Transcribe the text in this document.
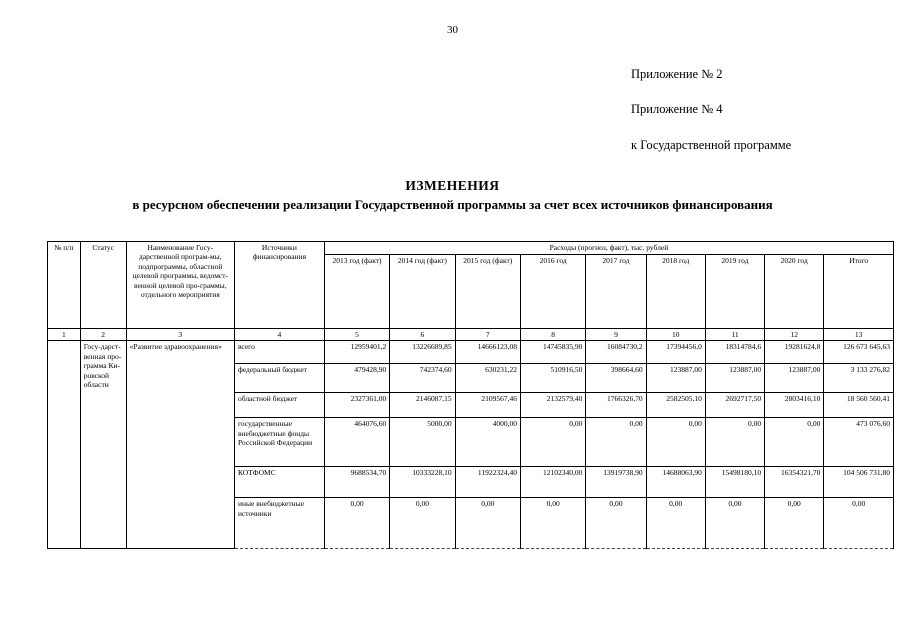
30
Приложение № 2
Приложение № 4
к Государственной программе
ИЗМЕНЕНИЯ
в ресурсном обеспечении реализации Государственной программы за счет всех источников финансирования
№ п/п	Статус	Наименование Госу-дарственной програм-мы, подпрограммы, областной целевой программы, ведомст-венной целевой про-граммы, отдельного мероприятия	Источники финансирования	Расходы (прогноз, факт), тыс. рублей								
				2013 год (факт)	2014 год (факт)	2015 год (факт)	2016 год	2017 год	2018 год	2019 год	2020 год	Итого
1	2	3	4	5	6	7	8	9	10	11	12	13
	Госу-дарст-венная про-грамма Ки-ровской области	«Развитие здравоохранения»	всего	12959401,2	13226689,85	14666123,08	14745835,90	16084730,2	17394456,0	18314784,6	19281624,8	126 673 645,63
			федеральный бюджет	479428,90	742374,60	630231,22	510916,50	398664,60	123887,00	123887,00	123887,00	3 133 276,82
			областной бюджет	2327361,00	2146087,15	2109567,46	2132579,40	1766326,70	2582505,10	2692717,50	2803416,10	18 560 560,41
			государственные внебюджетные фонды Российской Федерации	464076,60	5000,00	4000,00	0,00	0,00	0,00	0,00	0,00	473 076,60
			КОТФОМС	9688534,70	10333228,10	11922324,40	12102340,00	13919738,90	14688063,90	15498180,10	16354321,70	104 506 731,80
			иные внебюджетные источники	0,00	0,00	0,00	0,00	0,00	0,00	0,00	0,00	0,00
